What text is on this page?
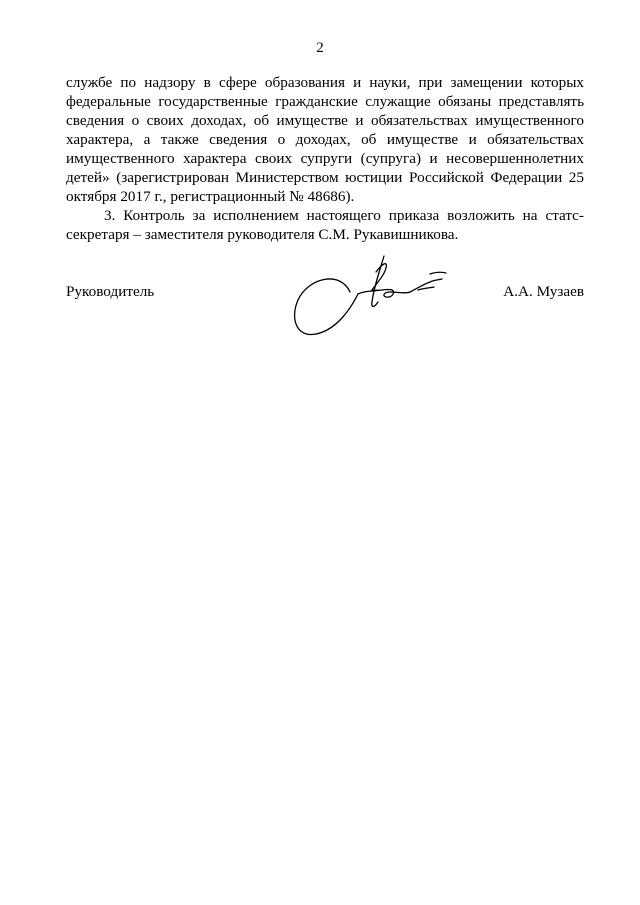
2

службе по надзору в сфере образования и науки, при замещении которых федеральные государственные гражданские служащие обязаны представлять сведения о своих доходах, об имуществе и обязательствах имущественного характера, а также сведения о доходах, об имуществе и обязательствах имущественного характера своих супруги (супруга) и несовершеннолетних детей» (зарегистрирован Министерством юстиции Российской Федерации 25 октября 2017 г., регистрационный № 48686).

3. Контроль за исполнением настоящего приказа возложить на статс- секретаря – заместителя руководителя С.М. Рукавишникова.

Руководитель	А.А. Музаев
